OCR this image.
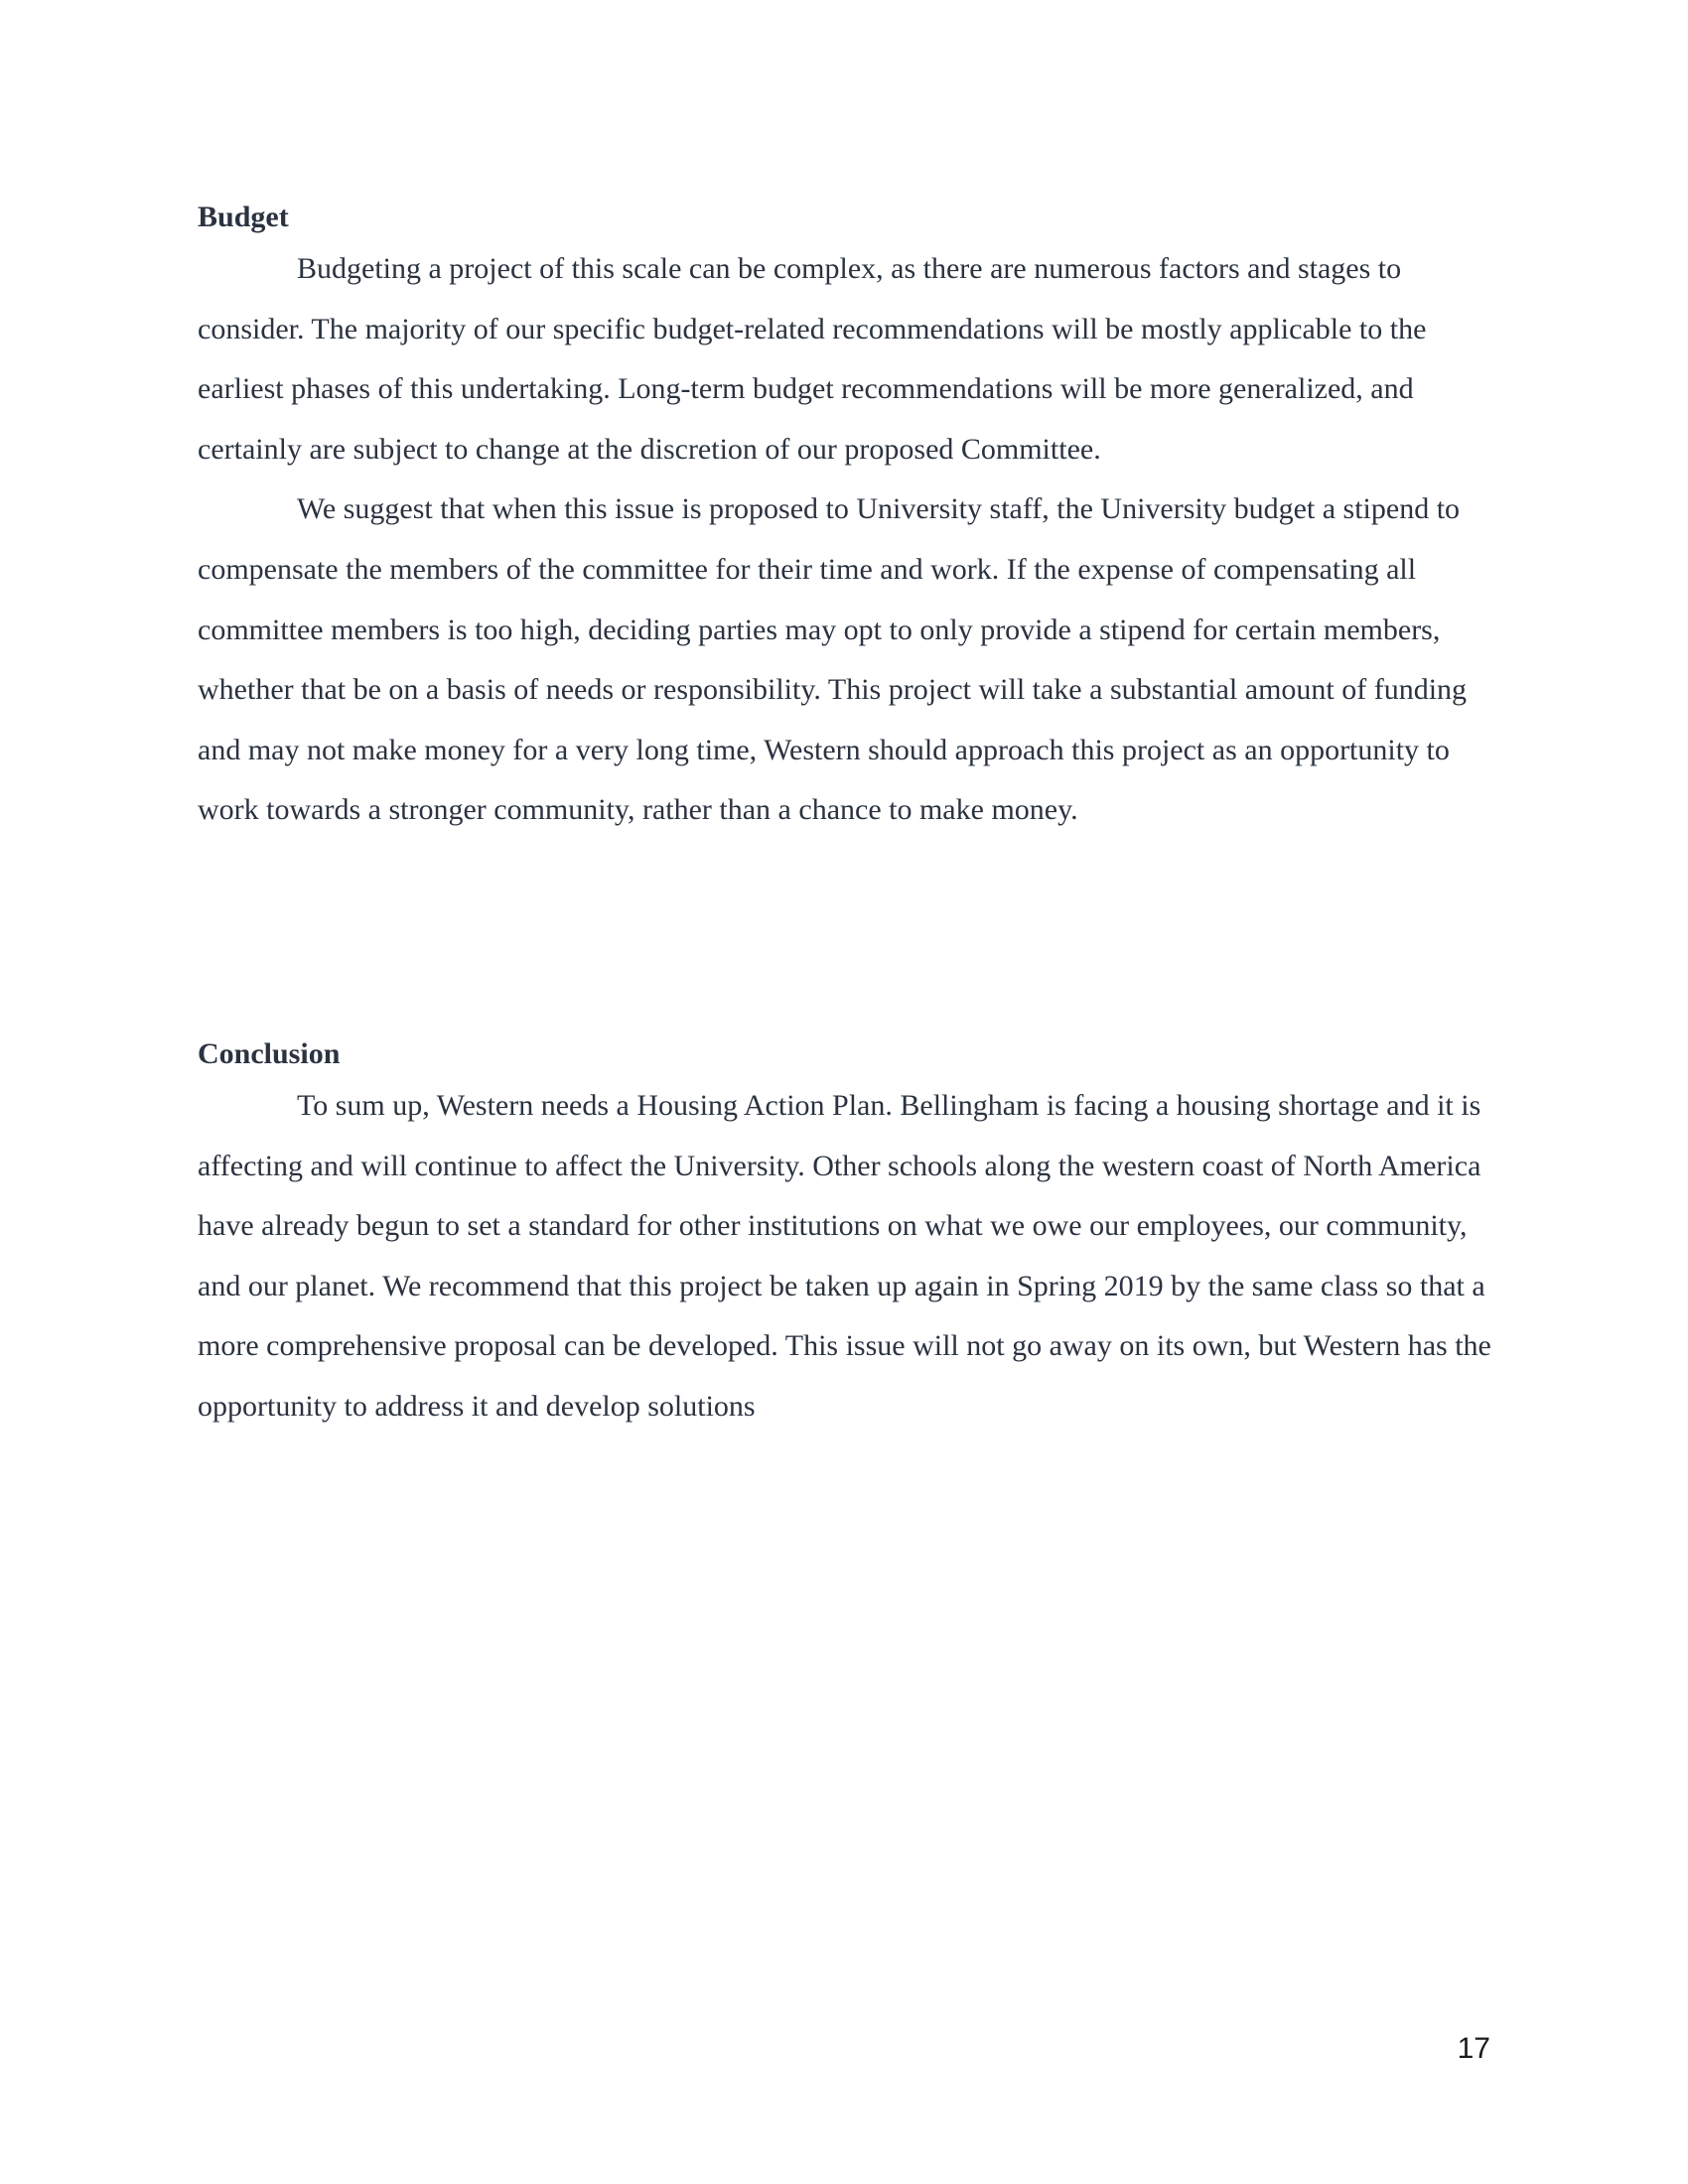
Budget

Budgeting a project of this scale can be complex, as there are numerous factors and stages to consider. The majority of our specific budget-related recommendations will be mostly applicable to the earliest phases of this undertaking. Long-term budget recommendations will be more generalized, and certainly are subject to change at the discretion of our proposed Committee.

We suggest that when this issue is proposed to University staff, the University budget a stipend to compensate the members of the committee for their time and work. If the expense of compensating all committee members is too high, deciding parties may opt to only provide a stipend for certain members, whether that be on a basis of needs or responsibility. This project will take a substantial amount of funding and may not make money for a very long time, Western should approach this project as an opportunity to work towards a stronger community, rather than a chance to make money.

Conclusion

To sum up, Western needs a Housing Action Plan. Bellingham is facing a housing shortage and it is affecting and will continue to affect the University. Other schools along the western coast of North America have already begun to set a standard for other institutions on what we owe our employees, our community, and our planet. We recommend that this project be taken up again in Spring 2019 by the same class so that a more comprehensive proposal can be developed. This issue will not go away on its own, but Western has the opportunity to address it and develop solutions

17
